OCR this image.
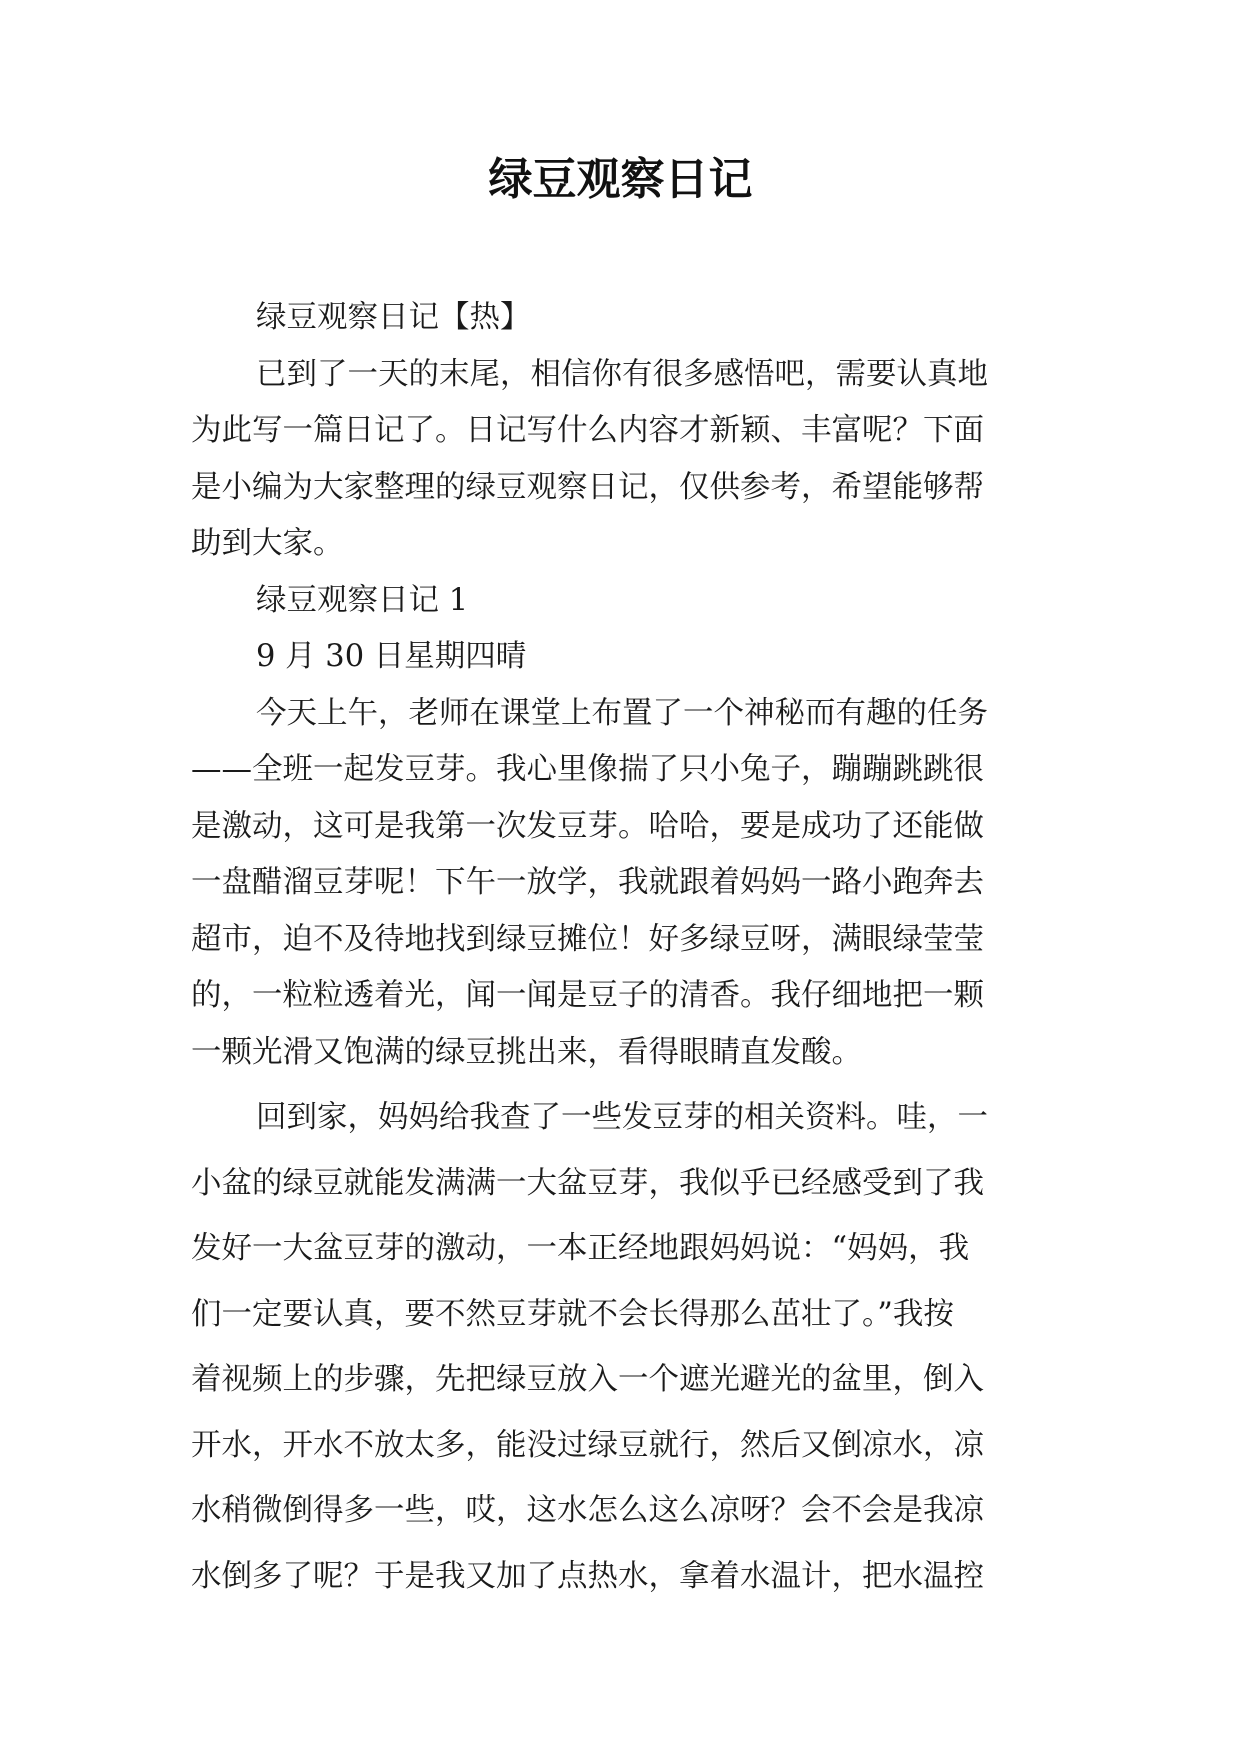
绿豆观察日记
绿豆观察日记【热】
已到了一天的末尾，相信你有很多感悟吧，需要认真地
为此写一篇日记了。日记写什么内容才新颖、丰富呢？下面
是小编为大家整理的绿豆观察日记，仅供参考，希望能够帮
助到大家。
绿豆观察日记 1
9 月 30 日星期四晴
今天上午，老师在课堂上布置了一个神秘而有趣的任务
——全班一起发豆芽。我心里像揣了只小兔子，蹦蹦跳跳很
是激动，这可是我第一次发豆芽。哈哈，要是成功了还能做
一盘醋溜豆芽呢！下午一放学，我就跟着妈妈一路小跑奔去
超市，迫不及待地找到绿豆摊位！好多绿豆呀，满眼绿莹莹
的，一粒粒透着光，闻一闻是豆子的清香。我仔细地把一颗
一颗光滑又饱满的绿豆挑出来，看得眼睛直发酸。
回到家，妈妈给我查了一些发豆芽的相关资料。哇，一
小盆的绿豆就能发满满一大盆豆芽，我似乎已经感受到了我
发好一大盆豆芽的激动，一本正经地跟妈妈说：“妈妈，我
们一定要认真，要不然豆芽就不会长得那么茁壮了。”我按
着视频上的步骤，先把绿豆放入一个遮光避光的盆里，倒入
开水，开水不放太多，能没过绿豆就行，然后又倒凉水，凉
水稍微倒得多一些，哎，这水怎么这么凉呀？会不会是我凉
水倒多了呢？于是我又加了点热水，拿着水温计，把水温控
